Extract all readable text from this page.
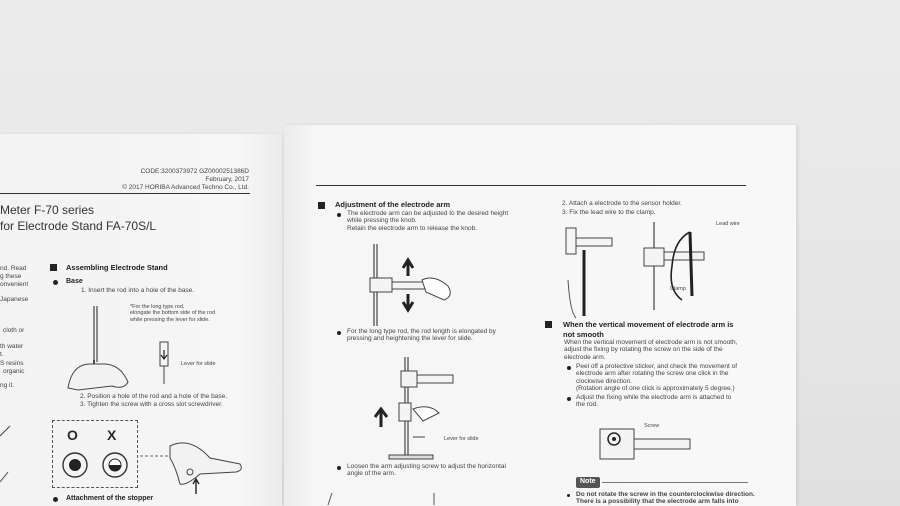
CODE:3200373972 GZ0000251386D
February, 2017
© 2017 HORIBA Advanced Techno Co., Ltd.
Meter F-70 series
for Electrode Stand FA-70S/L
nd. Read
g these
onvenient
Japanese
cloth or
th water
t.
S resins
organic
ng it.
Assembling Electrode Stand
Base
1. Insert the rod into a hole of the base.
*For the long type rod,
elongate the bottom side of the rod
while pressing the lever for slide.
Lever for slide
2. Position a hole of the rod and a hole of the base.
3. Tighten the screw with a cross slot screwdriver.
O X
Attachment of the stopper
Adjustment of the electrode arm
The electrode arm can be adjusted to the desired height
while pressing the knob.
Retain the electrode arm to release the knob.
For the long type rod, the rod length is elongated by
pressing and heightening the lever for slide.
Lever for slide
Loosen the arm adjusting screw to adjust the horizontal
angle of the arm.
2. Attach a electrode to the sensor holder.
3. Fix the lead wire to the clamp.
Lead wire
Clamp
When the vertical movement of electrode arm is
not smooth
When the vertical movement of electrode arm is not smooth,
adjust the fixing by rotating the screw on the side of the
electrode arm.
Peel off a protective sticker, and check the movement of
electrode arm after rotating the screw one click in the
clockwise direction.
(Rotation angle of one click is approximately 5 degree.)
Adjust the fixing while the electrode arm is attached to
the rod.
Screw
Note
Do not rotate the screw in the counterclockwise direction.
There is a possibility that the electrode arm falls into
